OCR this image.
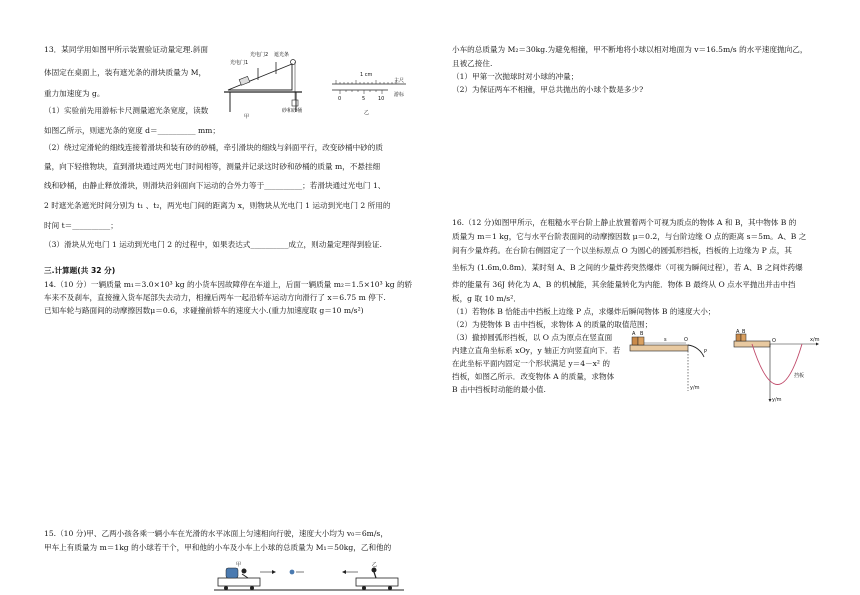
13．某同学用如图甲所示装置验证动量定理.斜面
体固定在桌面上，装有遮光条的滑块质量为 M，
重力加速度为 g。
（1）实验前先用游标卡尺测量遮光条宽度，读数
如图乙所示，则遮光条的宽度 d＝__________ mm；
（2）绕过定滑轮的细线连接着滑块和装有砂的砂桶，牵引滑块的细线与斜面平行，改变砂桶中砂的质
量，向下轻推物块，直到滑块通过两光电门时间相等，测量并记录这时砂和砂桶的质量 m，不悬挂细
线和砂桶，由静止释放滑块，则滑块沿斜面向下运动的合外力等于__________；若滑块通过光电门 1、
2 时遮光条遮光时间分别为 t₁ 、t₂，两光电门间的距离为 x，则物块从光电门 1 运动到光电门 2 所用的
时间 t＝__________；
（3）滑块从光电门 1 运动到光电门 2 的过程中，如果表达式__________成立，则动量定理得到验证.
光电门2
光电门1
遮光条
砂和砂桶
甲
1 cm
0	5	10
主尺
游标
乙
三.计算题(共 32 分)
14.（10 分）一辆质量 m₁＝3.0×10³ kg 的小货车因故障停在车道上，后面一辆质量 m₂＝1.5×10³ kg 的轿
车来不及刹车，直接撞入货车尾部失去动力，相撞后两车一起沿轿车运动方向滑行了 x＝6.75 m 停下.
已知车轮与路面间的动摩擦因数μ＝0.6，求碰撞前轿车的速度大小.(重力加速度取 g＝10 m/s²)
15.（10 分)甲、乙两小孩各乘一辆小车在光滑的水平冰面上匀速相向行驶，速度大小均为 v₀＝6m/s，
甲车上有质量为 m＝1kg 的小球若干个，甲和他的小车及小车上小球的总质量为 M₁＝50kg，乙和他的
甲	乙
小车的总质量为 M₂＝30kg.为避免相撞，甲不断地将小球以相对地面为 v＝16.5m/s 的水平速度抛向乙，
且被乙接住.
（1）甲第一次抛球时对小球的冲量；
（2）为保证两车不相撞，甲总共抛出的小球个数是多少?
16.（12 分)如图甲所示，在粗糙水平台阶上静止放置着两个可视为质点的物体 A 和 B，其中物体 B 的
质量为 m＝1 kg，它与水平台阶表面间的动摩擦因数 μ＝0.2，与台阶边缘 O 点的距离 s＝5m。A、B 之
间有少量炸药。在台阶右侧固定了一个以坐标原点 O 为圆心的圆弧形挡板，挡板的上边缘为 P 点，其
坐标为 (1.6m,0.8m)．某时刻 A、B 之间的少量炸药突然爆炸（可视为瞬间过程），若 A、B 之间炸药爆
炸的能量有 36J 转化为 A、B 的机械能，其余能量转化为内能．物体 B 最终从 O 点水平抛出并击中挡
板，g 取 10 m/s²．
（1）若物体 B 恰能击中挡板上边缘 P 点，求爆炸后瞬间物体 B 的速度大小；
（2）为使物体 B 击中挡板，求物体 A 的质量的取值范围；
（3）撤掉圆弧形挡板，以 O 点为原点在竖直面
内建立直角坐标系 xOy，y 轴正方向竖直向下．若
在此坐标平面内固定一个形状满足 y＝4－x² 的
挡板，如图乙所示．改变物体 A 的质量，求物体
B 击中挡板时动能的最小值.
A B
s	O
P
y/m
A B
O	x/m
y/m
挡板
